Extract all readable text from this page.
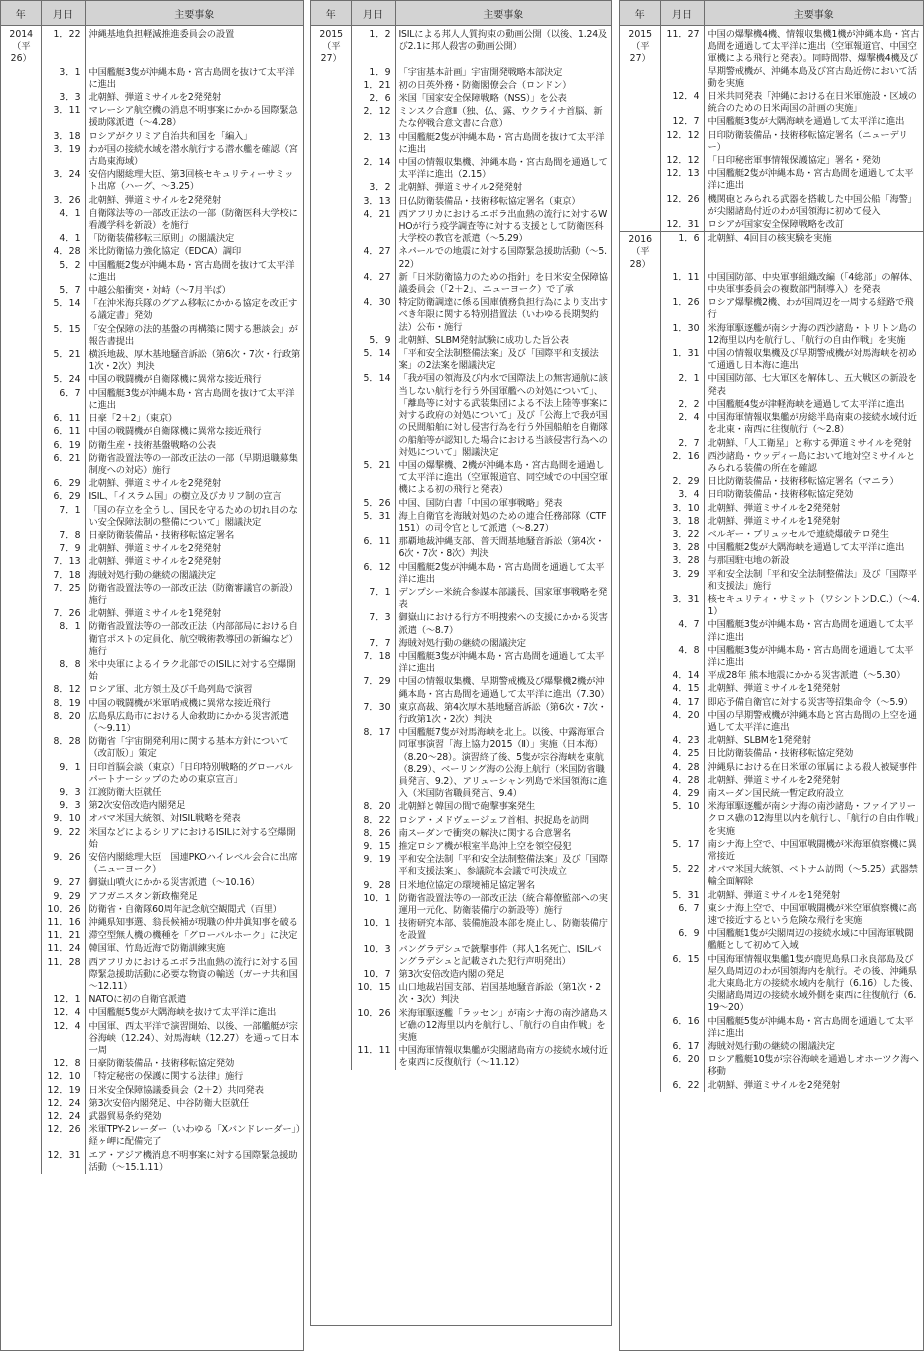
年	月日	主要事象
2014
（平26）	1．22	沖縄基地負担軽減推進委員会の設置
	3．1	中国艦艇3隻が沖縄本島・宮古島間を抜けて太平洋に進出
	3．3	北朝鮮、弾道ミサイルを2発発射
	3．11	マレーシア航空機の消息不明事案にかかる国際緊急援助隊派遣（～4.28）
	3．18	ロシアがクリミア自治共和国を「編入」
	3．19	わが国の接続水域を潜水航行する潜水艦を確認（宮古島東海域）
	3．24	安倍内閣総理大臣、第3回核セキュリティーサミット出席（ハーグ、～3.25）
	3．26	北朝鮮、弾道ミサイルを2発発射
	4．1	自衛隊法等の一部改正法の一部（防衛医科大学校に看護学科を新設）を施行
	4．1	「防衛装備移転三原則」の閣議決定
	4．28	米比防衛協力強化協定（EDCA）調印
	5．2	中国艦艇2隻が沖縄本島・宮古島間を抜けて太平洋に進出
	5．7	中越公船衝突・対峙（～7月半ば）
	5．14	「在沖米海兵隊のグアム移転にかかる協定を改正する議定書」発効
	5．15	「安全保障の法的基盤の再構築に関する懇談会」が報告書提出
	5．21	横浜地裁、厚木基地騒音訴訟（第6次・7次・行政第1次・2次）判決
	5．24	中国の戦闘機が自衛隊機に異常な接近飛行
	6．7	中国艦艇3隻が沖縄本島・宮古島間を抜けて太平洋に進出
	6．11	日豪「2＋2」（東京）
	6．11	中国の戦闘機が自衛隊機に異常な接近飛行
	6．19	防衛生産・技術基盤戦略の公表
	6．21	防衛省設置法等の一部改正法の一部（早期退職募集制度への対応）施行
	6．29	北朝鮮、弾道ミサイルを2発発射
	6．29	ISIL、「イスラム国」の樹立及びカリフ制の宣言
	7．1	「国の存立を全うし、国民を守るための切れ目のない安全保障法制の整備について」閣議決定
	7．8	日豪防衛装備品・技術移転協定署名
	7．9	北朝鮮、弾道ミサイルを2発発射
	7．13	北朝鮮、弾道ミサイルを2発発射
	7．18	海賊対処行動の継続の閣議決定
	7．25	防衛省設置法等の一部改正法（防衛審議官の新設）施行
	7．26	北朝鮮、弾道ミサイルを1発発射
	8．1	防衛省設置法等の一部改正法（内部部局における自衛官ポストの定員化、航空戦術教導団の新編など）施行
	8．8	米中央軍によるイラク北部でのISILに対する空爆開始
	8．12	ロシア軍、北方領土及び千島列島で演習
	8．19	中国の戦闘機が米軍哨戒機に異常な接近飛行
	8．20	広島県広島市における人命救助にかかる災害派遣（～9.11）
	8．28	防衛省「宇宙開発利用に関する基本方針について（改訂版）」策定
	9．1	日印首脳会談（東京）「日印特別戦略的グローバルパートナーシップのための東京宣言」
	9．3	江渡防衛大臣就任
	9．3	第2次安倍改造内閣発足
	9．10	オバマ米国大統領、対ISIL戦略を発表
	9．22	米国などによるシリアにおけるISILに対する空爆開始
	9．26	安倍内閣総理大臣　国連PKOハイレベル会合に出席（ニューヨーク）
	9．27	御嶽山噴火にかかる災害派遣（～10.16）
	9．29	アフガニスタン新政権発足
	10．26	防衛省・自衛隊60周年記念航空観閲式（百里）
	11．16	沖縄県知事選、翁長候補が現職の仲井眞知事を破る
	11．21	滞空型無人機の機種を「グローバルホーク」に決定
	11．24	韓国軍、竹島近海で防衛訓練実施
	11．28	西アフリカにおけるエボラ出血熱の流行に対する国際緊急援助活動に必要な物資の輸送（ガーナ共和国　～12.11）
	12．1	NATOに初の自衛官派遣
	12．4	中国艦艇5隻が大隅海峡を抜けて太平洋に進出
	12．4	中国軍、西太平洋で演習開始、以後、一部艦艇が宗谷海峡（12.24）、対馬海峡（12.27）を通って日本一周
	12．8	日豪防衛装備品・技術移転協定発効
	12．10	「特定秘密の保護に関する法律」施行
	12．19	日米安全保障協議委員会（2＋2）共同発表
	12．24	第3次安倍内閣発足、中谷防衛大臣就任
	12．24	武器貿易条約発効
	12．26	米軍TPY-2レーダー（いわゆる「Xバンドレーダー」）経ヶ岬に配備完了
	12．31	エア・アジア機消息不明事案に対する国際緊急援助活動（～15.1.11）
年	月日	主要事象
2015
（平27）	1．2	ISILによる邦人人質拘束の動画公開（以後、1.24及び2.1に邦人殺害の動画公開）
	1．9	「宇宙基本計画」宇宙開発戦略本部決定
	1．21	初の日英外務・防衛閣僚会合（ロンドン）
	2．6	米国「国家安全保障戦略（NSS）」を公表
	2．12	ミンスク合意Ⅱ（独、仏、露、ウクライナ首脳、新たな停戦合意文書に合意）
	2．13	中国艦艇2隻が沖縄本島・宮古島間を抜けて太平洋に進出
	2．14	中国の情報収集機、沖縄本島・宮古島間を通過して太平洋に進出（2.15）
	3．2	北朝鮮、弾道ミサイル2発発射
	3．13	日仏防衛装備品・技術移転協定署名（東京）
	4．21	西アフリカにおけるエボラ出血熱の流行に対するWHOが行う疫学調査等に対する支援として防衛医科大学校の教官を派遣（～5.29）
	4．27	ネパールでの地震に対する国際緊急援助活動（～5.22）
	4．27	新「日米防衛協力のための指針」を日米安全保障協議委員会（「2＋2」、ニューヨーク）で了承
	4．30	特定防衛調達に係る国庫債務負担行為により支出すべき年限に関する特別措置法（いわゆる長期契約法）公布・施行
	5．9	北朝鮮、SLBM発射試験に成功した旨公表
	5．14	「平和安全法制整備法案」及び「国際平和支援法案」の2法案を閣議決定
	5．14	「我が国の領海及び内水で国際法上の無害通航に該当しない航行を行う外国軍艦への対処について」、「離島等に対する武装集団による不法上陸等事案に対する政府の対処について」及び「公海上で我が国の民間船舶に対し侵害行為を行う外国船舶を自衛隊の船舶等が認知した場合における当該侵害行為への対処について」閣議決定
	5．21	中国の爆撃機、2機が沖縄本島・宮古島間を通過して太平洋に進出（空軍報道官、同空域での中国空軍機による初の飛行と発表）
	5．26	中国、国防白書「中国の軍事戦略」発表
	5．31	海上自衛官を海賊対処のための連合任務部隊（CTF151）の司令官として派遣（～8.27）
	6．11	那覇地裁沖縄支部、普天間基地騒音訴訟（第4次・6次・7次・8次）判決
	6．12	中国艦艇2隻が沖縄本島・宮古島間を通過して太平洋に進出
	7．1	デンプシー米統合参謀本部議長、国家軍事戦略を発表
	7．3	御嶽山における行方不明捜索への支援にかかる災害派遣（～8.7）
	7．7	海賊対処行動の継続の閣議決定
	7．18	中国艦艇3隻が沖縄本島・宮古島間を通過して太平洋に進出
	7．29	中国の情報収集機、早期警戒機及び爆撃機2機が沖縄本島・宮古島間を通過して太平洋に進出（7.30）
	7．30	東京高裁、第4次厚木基地騒音訴訟（第6次・7次・行政第1次・2次）判決
	8．17	中国艦艇7隻が対馬海峡を北上。以後、中露海軍合同軍事演習「海上協力2015（Ⅱ）」実施（日本海）（8.20～28）。演習終了後、5隻が宗谷海峡を東航（8.29）、ベーリング海の公海上航行（米国防省職員発言、9.2）、アリューシャン列島で米国領海に進入（米国防省職員発言、9.4）
	8．20	北朝鮮と韓国の間で砲撃事案発生
	8．22	ロシア・メドヴェージェフ首相、択捉島を訪問
	8．26	南スーダンで衝突の解決に関する合意署名
	9．15	推定ロシア機が根室半島沖上空を領空侵犯
	9．19	平和安全法制「平和安全法制整備法案」及び「国際平和支援法案」、参議院本会議で可決成立
	9．28	日米地位協定の環境補足協定署名
	10．1	防衛省設置法等の一部改正法（統合幕僚監部への実運用一元化、防衛装備庁の新設等）施行
	10．1	技術研究本部、装備施設本部を廃止し、防衛装備庁を設置
	10．3	バングラデシュで銃撃事件（邦人1名死亡、ISILバングラデシュと記載された犯行声明発出）
	10．7	第3次安倍改造内閣の発足
	10．15	山口地裁岩国支部、岩国基地騒音訴訟（第1次・2次・3次）判決
	10．26	米海軍駆逐艦「ラッセン」が南シナ海の南沙諸島スビ礁の12海里以内を航行し、「航行の自由作戦」を実施
	11．11	中国海軍情報収集艦が尖閣諸島南方の接続水域付近を東西に反復航行（～11.12）
年	月日	主要事象
2015
（平27）	11．27	中国の爆撃機4機、情報収集機1機が沖縄本島・宮古島間を通過して太平洋に進出（空軍報道官、中国空軍機による飛行と発表）。同時間帯、爆撃機4機及び早期警戒機が、沖縄本島及び宮古島近傍において活動を実施
	12．4	日米共同発表「沖縄における在日米軍施設・区域の統合のための日米両国の計画の実施」
	12．7	中国艦艇3隻が大隅海峡を通過して太平洋に進出
	12．12	日印防衛装備品・技術移転協定署名（ニューデリー）
	12．12	「日印秘密軍事情報保護協定」署名・発効
	12．13	中国艦艇2隻が沖縄本島・宮古島間を通過して太平洋に進出
	12．26	機関砲とみられる武器を搭載した中国公船「海警」が尖閣諸島付近のわが国領海に初めて侵入
	12．31	ロシアが国家安全保障戦略を改訂
2016
（平28）	1．6	北朝鮮、4回目の核実験を実施
	1．11	中国国防部、中央軍事組織改編（「4総部」の解体、中央軍事委員会の複数部門制導入）を発表
	1．26	ロシア爆撃機2機、わが国周辺を一周する経路で飛行
	1．30	米海軍駆逐艦が南シナ海の西沙諸島・トリトン島の12海里以内を航行し、「航行の自由作戦」を実施
	1．31	中国の情報収集機及び早期警戒機が対馬海峡を初めて通過し日本海に進出
	2．1	中国国防部、七大軍区を解体し、五大戦区の新設を発表
	2．2	中国艦艇4隻が津軽海峡を通過して太平洋に進出
	2．4	中国海軍情報収集艦が房総半島南東の接続水域付近を北東・南西に往復航行（～2.8）
	2．7	北朝鮮、「人工衛星」と称する弾道ミサイルを発射
	2．16	西沙諸島・ウッディー島において地対空ミサイルとみられる装備の所在を確認
	2．29	日比防衛装備品・技術移転協定署名（マニラ）
	3．4	日印防衛装備品・技術移転協定発効
	3．10	北朝鮮、弾道ミサイルを2発発射
	3．18	北朝鮮、弾道ミサイルを1発発射
	3．22	ベルギー・ブリュッセルで連続爆破テロ発生
	3．28	中国艦艇2隻が大隅海峡を通過して太平洋に進出
	3．28	与那国駐屯地の新設
	3．29	平和安全法制「平和安全法制整備法」及び「国際平和支援法」施行
	3．31	核セキュリティ・サミット（ワシントンD.C.）（～4.1）
	4．7	中国艦艇3隻が沖縄本島・宮古島間を通過して太平洋に進出
	4．8	中国艦艇3隻が沖縄本島・宮古島間を通過して太平洋に進出
	4．14	平成28年 熊本地震にかかる災害派遣（～5.30）
	4．15	北朝鮮、弾道ミサイルを1発発射
	4．17	即応予備自衛官に対する災害等招集命令（～5.9）
	4．20	中国の早期警戒機が沖縄本島と宮古島間の上空を通過して太平洋に進出
	4．23	北朝鮮、SLBMを1発発射
	4．25	日比防衛装備品・技術移転協定発効
	4．28	沖縄県における在日米軍の軍属による殺人被疑事件
	4．28	北朝鮮、弾道ミサイルを2発発射
	4．29	南スーダン国民統一暫定政府設立
	5．10	米海軍駆逐艦が南シナ海の南沙諸島・ファイアリークロス礁の12海里以内を航行し、「航行の自由作戦」を実施
	5．17	南シナ海上空で、中国軍戦闘機が米海軍偵察機に異常接近
	5．22	オバマ米国大統領、ベトナム訪問（～5.25）武器禁輸全面解除
	5．31	北朝鮮、弾道ミサイルを1発発射
	6．7	東シナ海上空で、中国軍戦闘機が米空軍偵察機に高速で接近するという危険な飛行を実施
	6．9	中国艦艇1隻が尖閣周辺の接続水域に中国海軍戦闘艦艇として初めて入域
	6．15	中国海軍情報収集艦1隻が鹿児島県口永良部島及び屋久島周辺のわが国領海内を航行。その後、沖縄県北大東島北方の接続水域内を航行（6.16）した後、尖閣諸島周辺の接続水域外側を東西に往復航行（6.19～20）
	6．16	中国艦艇5隻が沖縄本島・宮古島間を通過して太平洋に進出
	6．17	海賊対処行動の継続の閣議決定
	6．20	ロシア艦艇10隻が宗谷海峡を通過しオホーツク海へ移動
	6．22	北朝鮮、弾道ミサイルを2発発射
